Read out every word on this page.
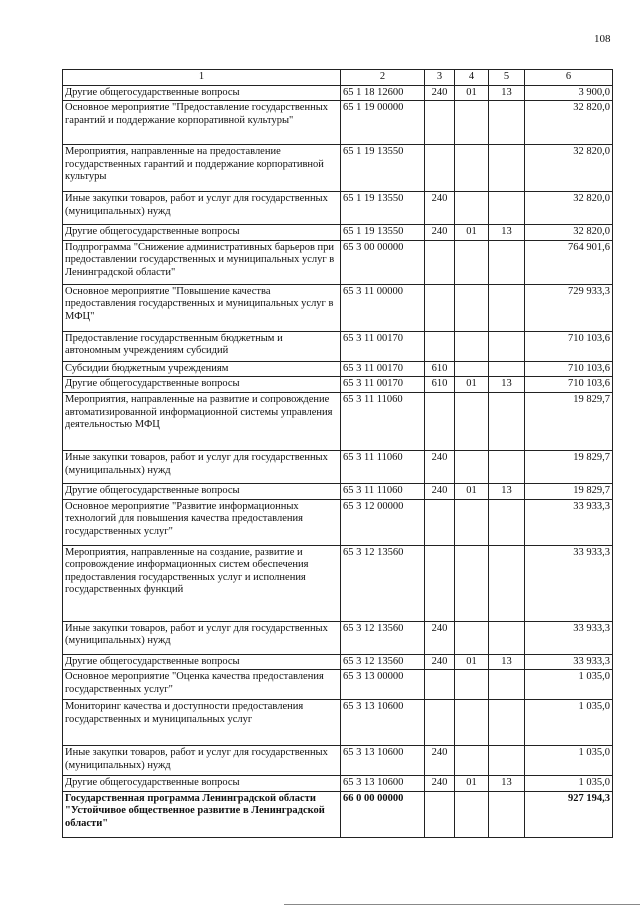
108
1	2	3	4	5	6
Другие общегосударственные вопросы	65 1 18 12600	240	01	13	3 900,0
Основное мероприятие "Предоставление государственных гарантий и поддержание корпоративной культуры"	65 1 19 00000				32 820,0
Мероприятия, направленные на предоставление государственных гарантий и поддержание корпоративной культуры	65 1 19 13550				32 820,0
Иные закупки товаров, работ и услуг для государственных (муниципальных) нужд	65 1 19 13550	240			32 820,0
Другие общегосударственные вопросы	65 1 19 13550	240	01	13	32 820,0
Подпрограмма "Снижение административных барьеров при предоставлении государственных и муниципальных услуг в Ленинградской области"	65 3 00 00000				764 901,6
Основное мероприятие "Повышение качества предоставления государственных и муниципальных услуг в МФЦ"	65 3 11 00000				729 933,3
Предоставление государственным бюджетным и автономным учреждениям субсидий	65 3 11 00170				710 103,6
Субсидии бюджетным учреждениям	65 3 11 00170	610			710 103,6
Другие общегосударственные вопросы	65 3 11 00170	610	01	13	710 103,6
Мероприятия, направленные на развитие и сопровождение автоматизированной информационной системы управления деятельностью МФЦ	65 3 11 11060				19 829,7
Иные закупки товаров, работ и услуг для государственных (муниципальных) нужд	65 3 11 11060	240			19 829,7
Другие общегосударственные вопросы	65 3 11 11060	240	01	13	19 829,7
Основное мероприятие "Развитие информационных технологий для повышения качества предоставления государственных услуг"	65 3 12 00000				33 933,3
Мероприятия, направленные на создание, развитие и сопровождение информационных систем обеспечения предоставления государственных услуг и исполнения государственных функций	65 3 12 13560				33 933,3
Иные закупки товаров, работ и услуг для государственных (муниципальных) нужд	65 3 12 13560	240			33 933,3
Другие общегосударственные вопросы	65 3 12 13560	240	01	13	33 933,3
Основное мероприятие "Оценка качества предоставления государственных услуг"	65 3 13 00000				1 035,0
Мониторинг качества и доступности предоставления государственных и муниципальных услуг	65 3 13 10600				1 035,0
Иные закупки товаров, работ и услуг для государственных (муниципальных) нужд	65 3 13 10600	240			1 035,0
Другие общегосударственные вопросы	65 3 13 10600	240	01	13	1 035,0
Государственная программа Ленинградской области "Устойчивое общественное развитие в Ленинградской области"	66 0 00 00000				927 194,3
